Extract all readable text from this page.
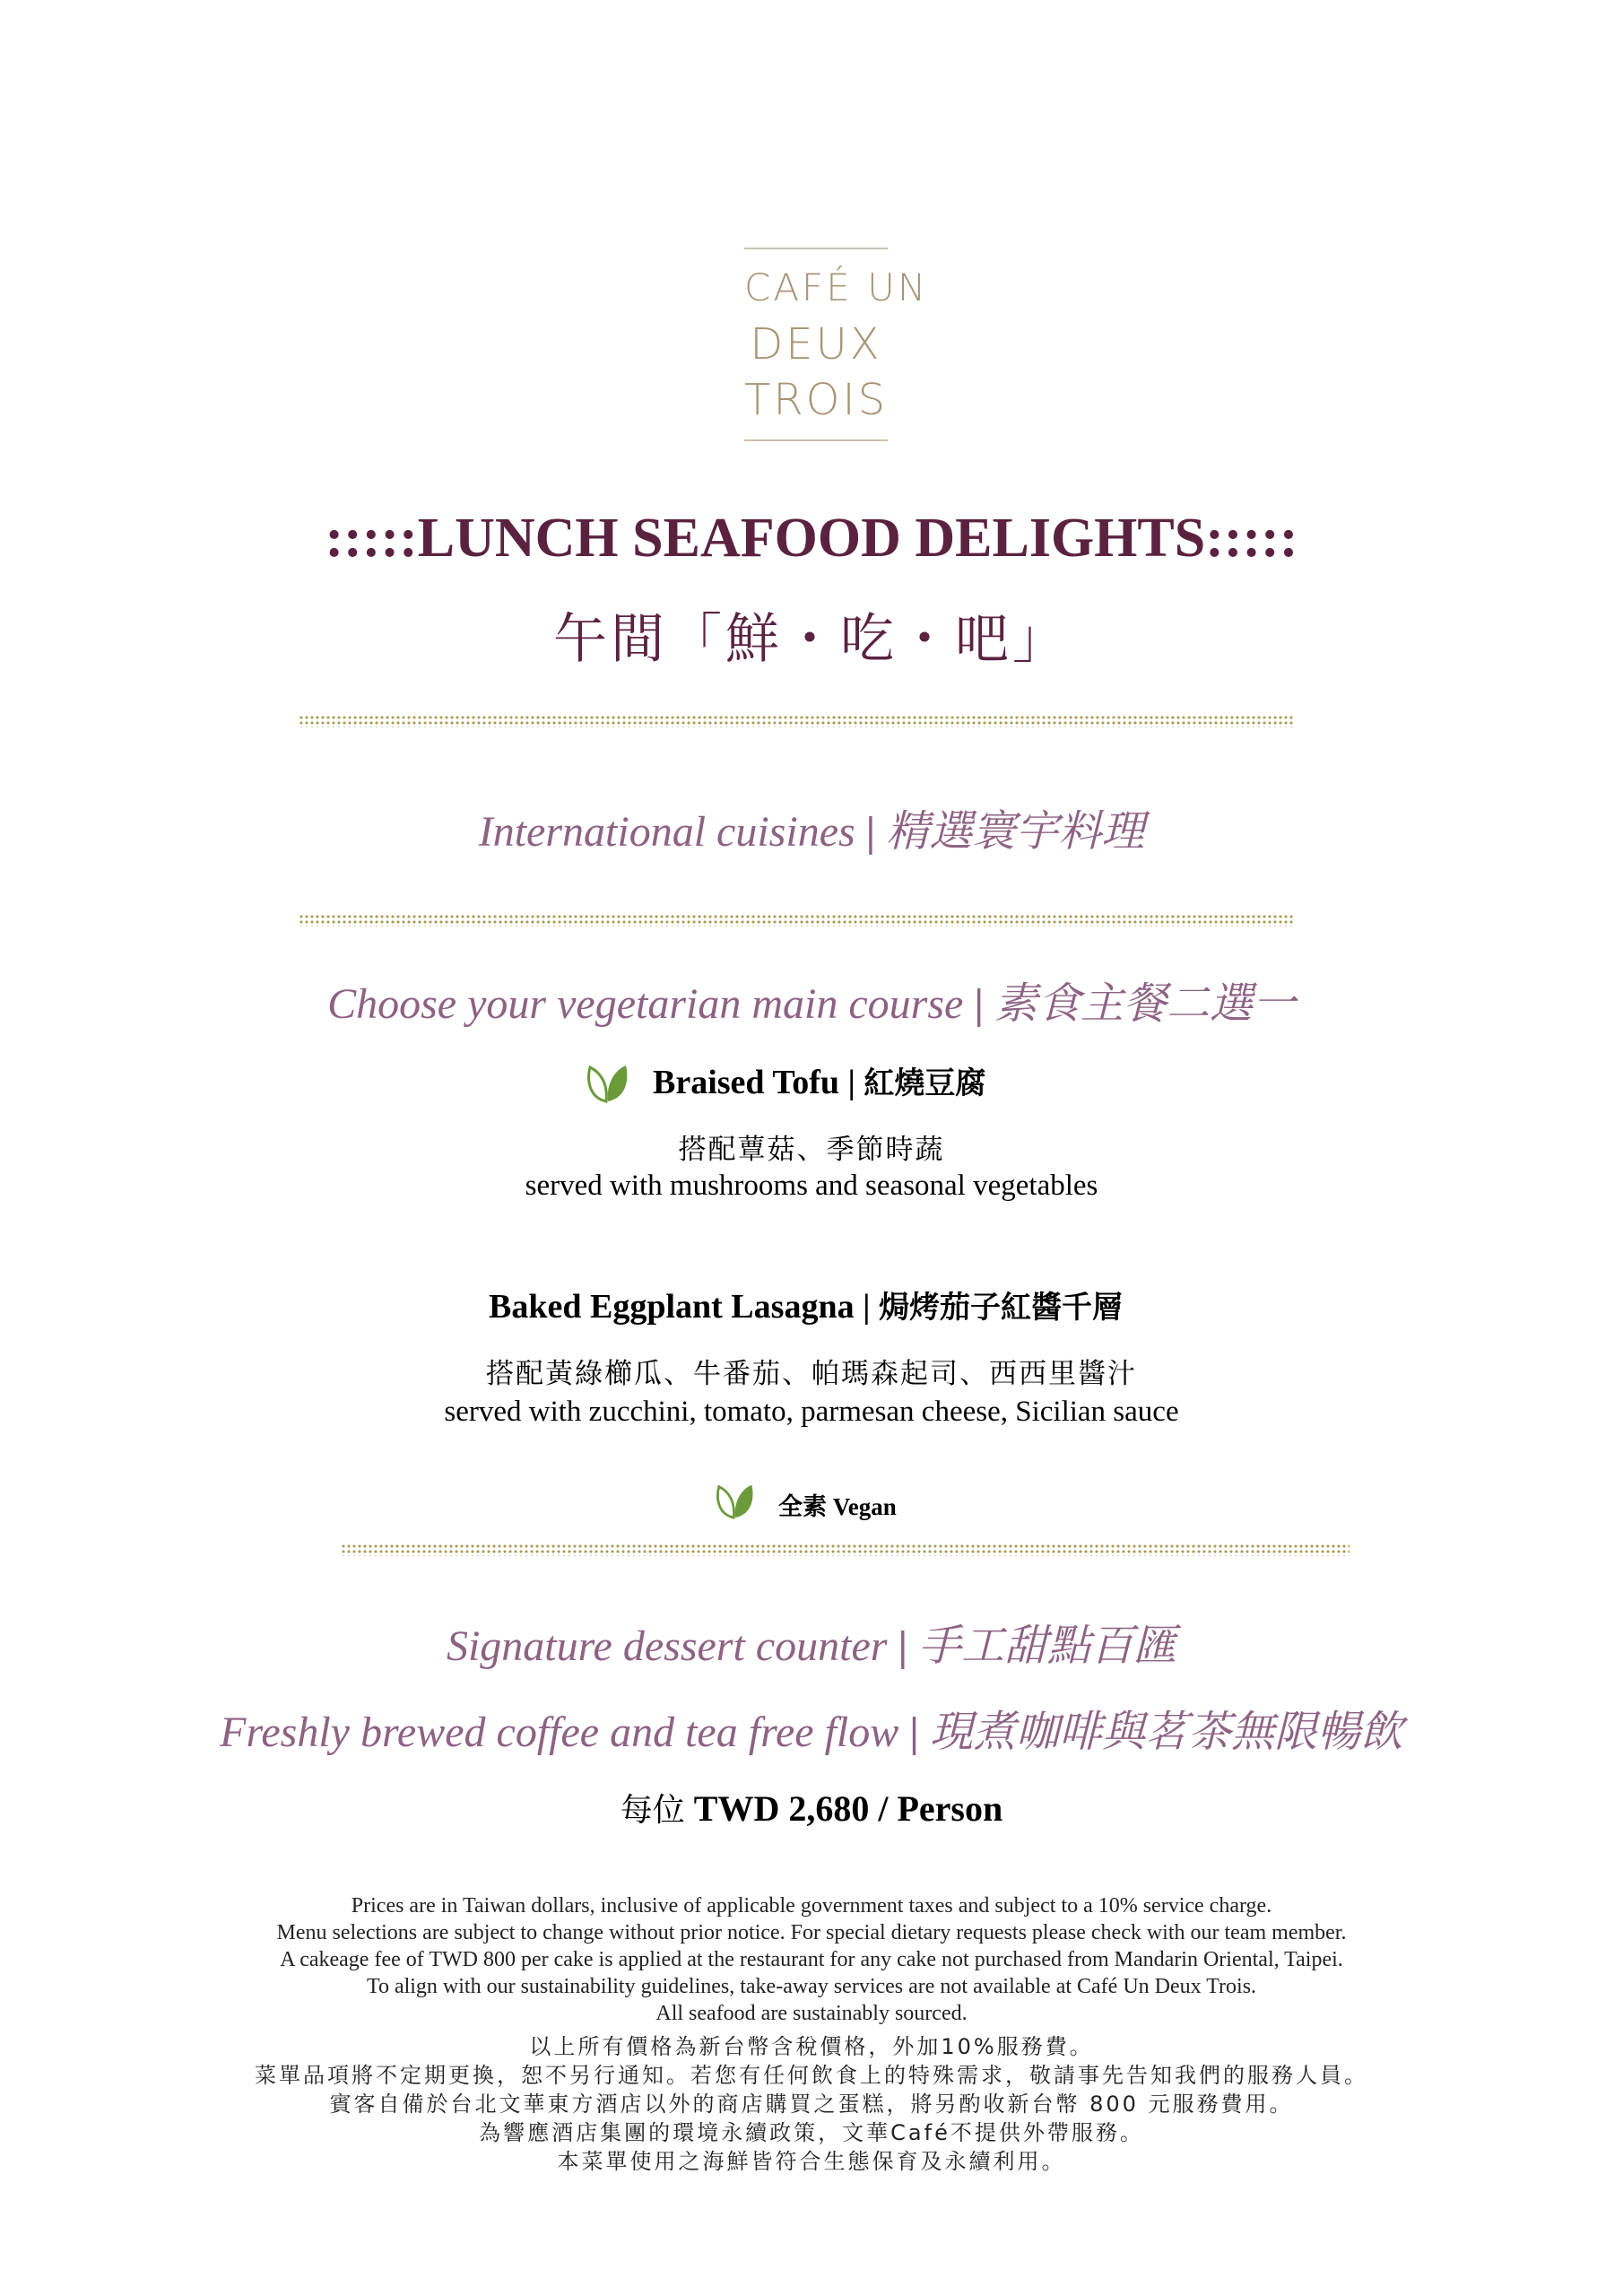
CAFÉ UN
DEUX
TROIS
:::::LUNCH SEAFOOD DELIGHTS:::::
午間「鮮・吃・吧」
International cuisines | 精選寰宇料理
Choose your vegetarian main course | 素食主餐二選一
Braised Tofu | 紅燒豆腐
搭配蕈菇、季節時蔬
served with mushrooms and seasonal vegetables
Baked Eggplant Lasagna | 焗烤茄子紅醬千層
搭配黃綠櫛瓜、牛番茄、帕瑪森起司、西西里醬汁
served with zucchini, tomato, parmesan cheese, Sicilian sauce
全素 Vegan
Signature dessert counter | 手工甜點百匯
Freshly brewed coffee and tea free flow | 現煮咖啡與茗茶無限暢飲
每位 TWD 2,680 / Person
Prices are in Taiwan dollars, inclusive of applicable government taxes and subject to a 10% service charge.
Menu selections are subject to change without prior notice. For special dietary requests please check with our team member.
A cakeage fee of TWD 800 per cake is applied at the restaurant for any cake not purchased from Mandarin Oriental, Taipei.
To align with our sustainability guidelines, take-away services are not available at Café Un Deux Trois.
All seafood are sustainably sourced.
以上所有價格為新台幣含稅價格，外加10%服務費。
菜單品項將不定期更換，恕不另行通知。若您有任何飲食上的特殊需求，敬請事先告知我們的服務人員。
賓客自備於台北文華東方酒店以外的商店購買之蛋糕，將另酌收新台幣 800 元服務費用。
為響應酒店集團的環境永續政策，文華Café不提供外帶服務。
本菜單使用之海鮮皆符合生態保育及永續利用。
